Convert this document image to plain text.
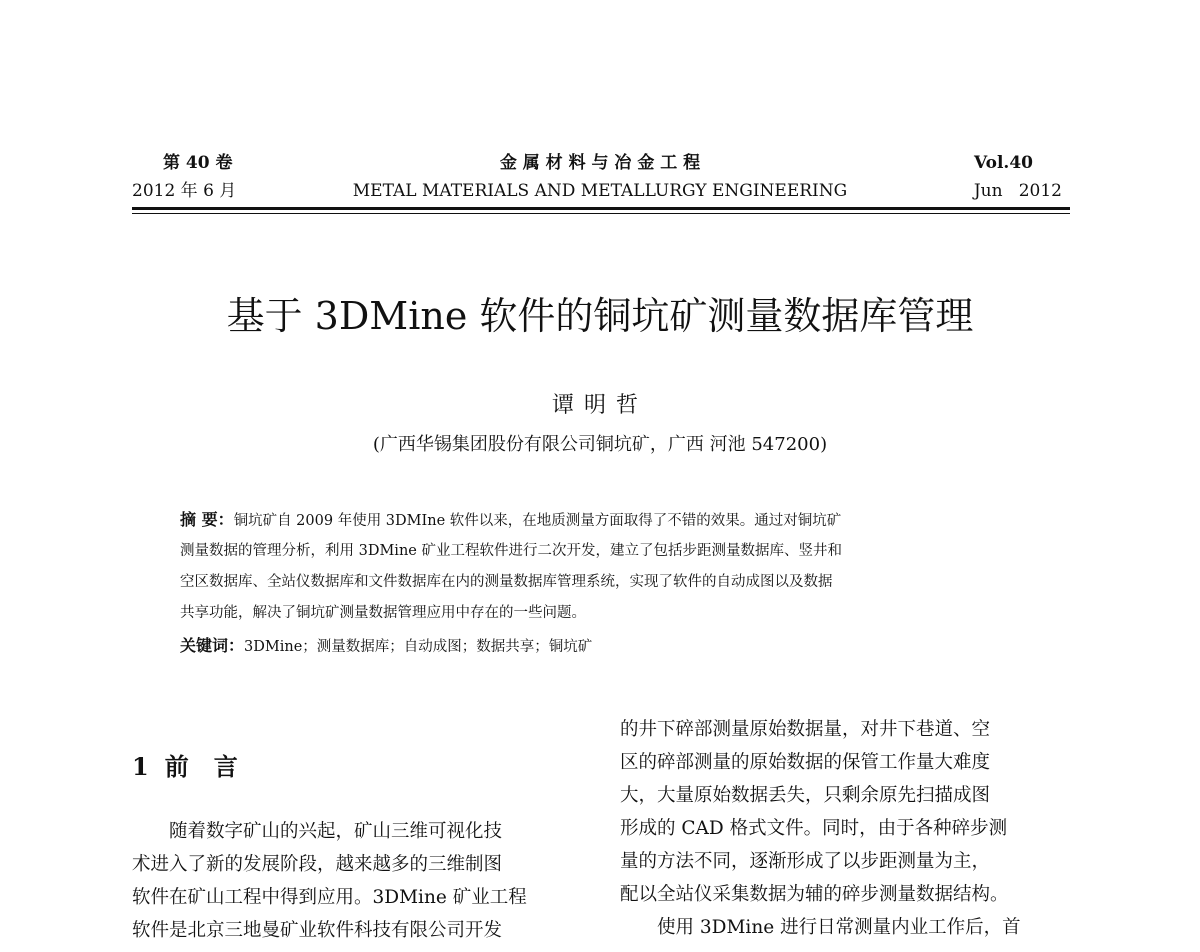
第 40 卷
2012 年 6 月
金 属 材 料 与 冶 金 工 程
METAL MATERIALS AND METALLURGY ENGINEERING
Vol.40
Jun   2012
基于 3DMine 软件的铜坑矿测量数据库管理
谭明哲
(广西华锡集团股份有限公司铜坑矿，广西 河池 547200)
摘 要：铜坑矿自 2009 年使用 3DMIne 软件以来，在地质测量方面取得了不错的效果。通过对铜坑矿
测量数据的管理分析，利用 3DMine 矿业工程软件进行二次开发，建立了包括步距测量数据库、竖井和
空区数据库、全站仪数据库和文件数据库在内的测量数据库管理系统，实现了软件的自动成图以及数据
共享功能，解决了铜坑矿测量数据管理应用中存在的一些问题。
关键词：3DMine；测量数据库；自动成图；数据共享；铜坑矿
1 前   言
　　随着数字矿山的兴起，矿山三维可视化技
术进入了新的发展阶段，越来越多的三维制图
软件在矿山工程中得到应用。3DMine 矿业工程
软件是北京三地曼矿业软件科技有限公司开发
的井下碎部测量原始数据量，对井下巷道、空
区的碎部测量的原始数据的保管工作量大难度
大，大量原始数据丢失，只剩余原先扫描成图
形成的 CAD 格式文件。同时，由于各种碎步测
量的方法不同，逐渐形成了以步距测量为主，
配以全站仪采集数据为辅的碎步测量数据结构。
　　使用 3DMine 进行日常测量内业工作后，首
